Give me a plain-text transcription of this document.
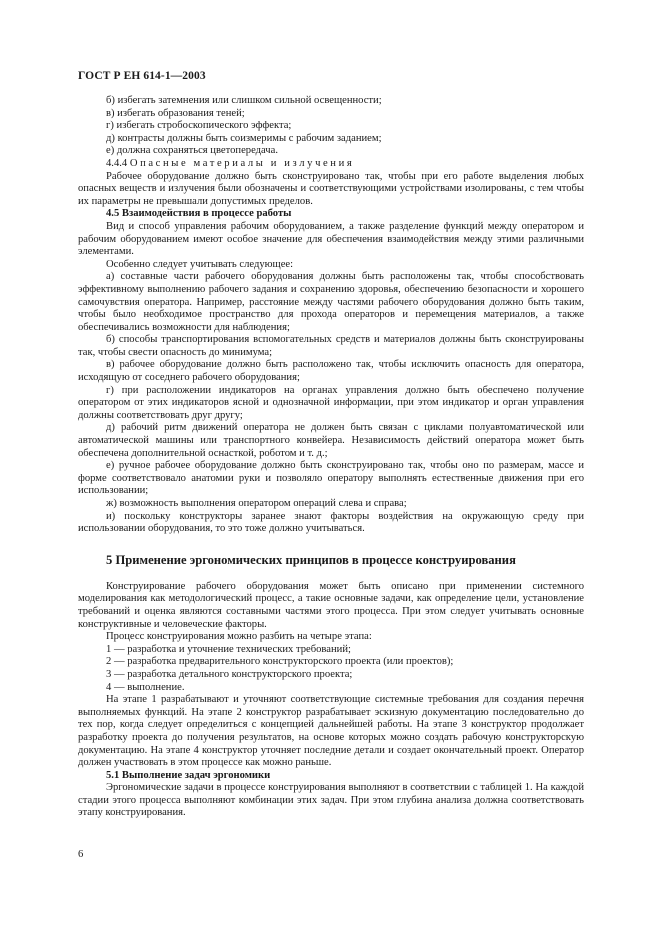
ГОСТ Р ЕН 614-1—2003

б) избегать затемнения или слишком сильной освещенности;

в) избегать образования теней;

г) избегать стробоскопического эффекта;

д) контрасты должны быть соизмеримы с рабочим заданием;

е) должна сохраняться цветопередача.

4.4.4 Опасные материалы и излучения

Рабочее оборудование должно быть сконструировано так, чтобы при его работе выделения любых опасных веществ и излучения были обозначены и соответствующими устройствами изолированы, с тем чтобы их параметры не превышали допустимых пределов.

4.5 Взаимодействия в процессе работы

Вид и способ управления рабочим оборудованием, а также разделение функций между оператором и рабочим оборудованием имеют особое значение для обеспечения взаимодействия между этими различными элементами.

Особенно следует учитывать следующее:

а) составные части рабочего оборудования должны быть расположены так, чтобы способствовать эффективному выполнению рабочего задания и сохранению здоровья, обеспечению безопасности и хорошего самочувствия оператора. Например, расстояние между частями рабочего оборудования должно быть таким, чтобы было необходимое пространство для прохода операторов и перемещения материалов, а также обеспечивались возможности для наблюдения;

б) способы транспортирования вспомогательных средств и материалов должны быть сконструированы так, чтобы свести опасность до минимума;

в) рабочее оборудование должно быть расположено так, чтобы исключить опасность для оператора, исходящую от соседнего рабочего оборудования;

г) при расположении индикаторов на органах управления должно быть обеспечено получение оператором от этих индикаторов ясной и однозначной информации, при этом индикатор и орган управления должны соответствовать друг другу;

д) рабочий ритм движений оператора не должен быть связан с циклами полуавтоматической или автоматической машины или транспортного конвейера. Независимость действий оператора может быть обеспечена дополнительной оснасткой, роботом и т. д.;

е) ручное рабочее оборудование должно быть сконструировано так, чтобы оно по размерам, массе и форме соответствовало анатомии руки и позволяло оператору выполнять естественные движения при его использовании;

ж) возможность выполнения оператором операций слева и справа;

и) поскольку конструкторы заранее знают факторы воздействия на окружающую среду при использовании оборудования, то это тоже должно учитываться.

5 Применение эргономических принципов в процессе конструирования

Конструирование рабочего оборудования может быть описано при применении системного моделирования как методологический процесс, а такие основные задачи, как определение цели, установление требований и оценка являются составными частями этого процесса. При этом следует учитывать основные конструктивные и человеческие факторы.

Процесс конструирования можно разбить на четыре этапа:

1 — разработка и уточнение технических требований;

2 — разработка предварительного конструкторского проекта (или проектов);

3 — разработка детального конструкторского проекта;

4 — выполнение.

На этапе 1 разрабатывают и уточняют соответствующие системные требования для создания перечня выполняемых функций. На этапе 2 конструктор разрабатывает эскизную документацию последовательно до тех пор, когда следует определиться с концепцией дальнейшей работы. На этапе 3 конструктор продолжает разработку проекта до получения результатов, на основе которых можно создать рабочую конструкторскую документацию. На этапе 4 конструктор уточняет последние детали и создает окончательный проект. Оператор должен участвовать в этом процессе как можно раньше.

5.1 Выполнение задач эргономики

Эргономические задачи в процессе конструирования выполняют в соответствии с таблицей 1. На каждой стадии этого процесса выполняют комбинации этих задач. При этом глубина анализа должна соответствовать этапу конструирования.

6
